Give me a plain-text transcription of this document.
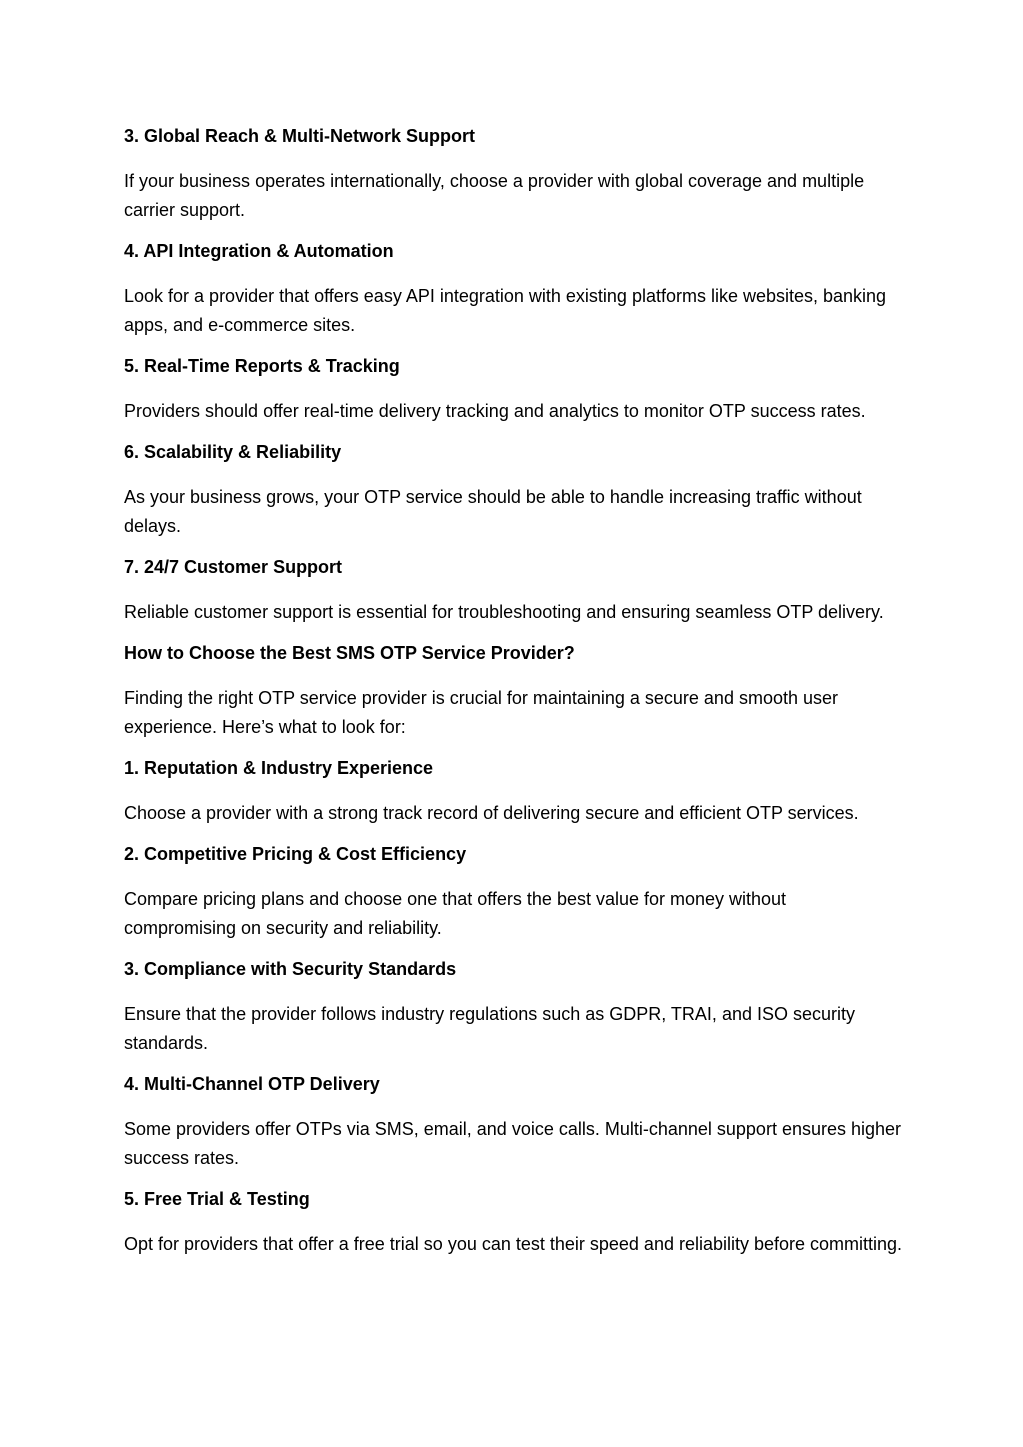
3. Global Reach & Multi-Network Support
If your business operates internationally, choose a provider with global coverage and multiple carrier support.
4. API Integration & Automation
Look for a provider that offers easy API integration with existing platforms like websites, banking apps, and e-commerce sites.
5. Real-Time Reports & Tracking
Providers should offer real-time delivery tracking and analytics to monitor OTP success rates.
6. Scalability & Reliability
As your business grows, your OTP service should be able to handle increasing traffic without delays.
7. 24/7 Customer Support
Reliable customer support is essential for troubleshooting and ensuring seamless OTP delivery.
How to Choose the Best SMS OTP Service Provider?
Finding the right OTP service provider is crucial for maintaining a secure and smooth user experience. Here’s what to look for:
1. Reputation & Industry Experience
Choose a provider with a strong track record of delivering secure and efficient OTP services.
2. Competitive Pricing & Cost Efficiency
Compare pricing plans and choose one that offers the best value for money without compromising on security and reliability.
3. Compliance with Security Standards
Ensure that the provider follows industry regulations such as GDPR, TRAI, and ISO security standards.
4. Multi-Channel OTP Delivery
Some providers offer OTPs via SMS, email, and voice calls. Multi-channel support ensures higher success rates.
5. Free Trial & Testing
Opt for providers that offer a free trial so you can test their speed and reliability before committing.
